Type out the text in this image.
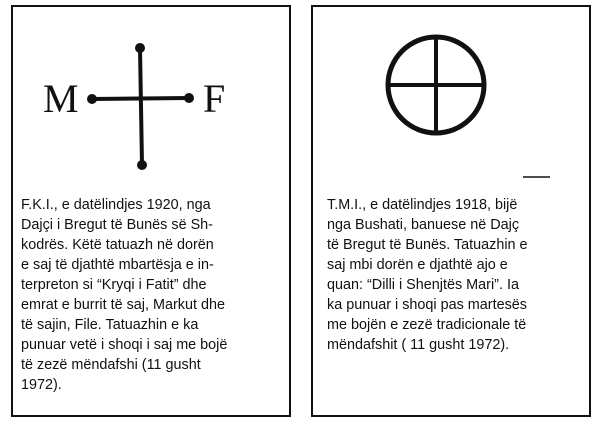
M	F

F.K.I., e datëlindjes 1920, nga
Dajçi i Bregut të Bunës së Sh-
kodrës. Këtë tatuazh në dorën
e saj të djathtë mbartësja e in-
terpreton si “Kryqi i Fatit” dhe
emrat e burrit të saj, Markut dhe
të sajin, File. Tatuazhin e ka
punuar vetë i shoqi i saj me bojë
të zezë mëndafshi (11 gusht
1972).

T.M.I., e datëlindjes 1918, bijë
nga Bushati, banuese në Dajç
të Bregut të Bunës. Tatuazhin e
saj mbi dorën e djathtë ajo e
quan: “Dilli i Shenjtës Mari”. Ia
ka punuar i shoqi pas martesës
me bojën e zezë tradicionale të
mëndafshit ( 11 gusht 1972).
